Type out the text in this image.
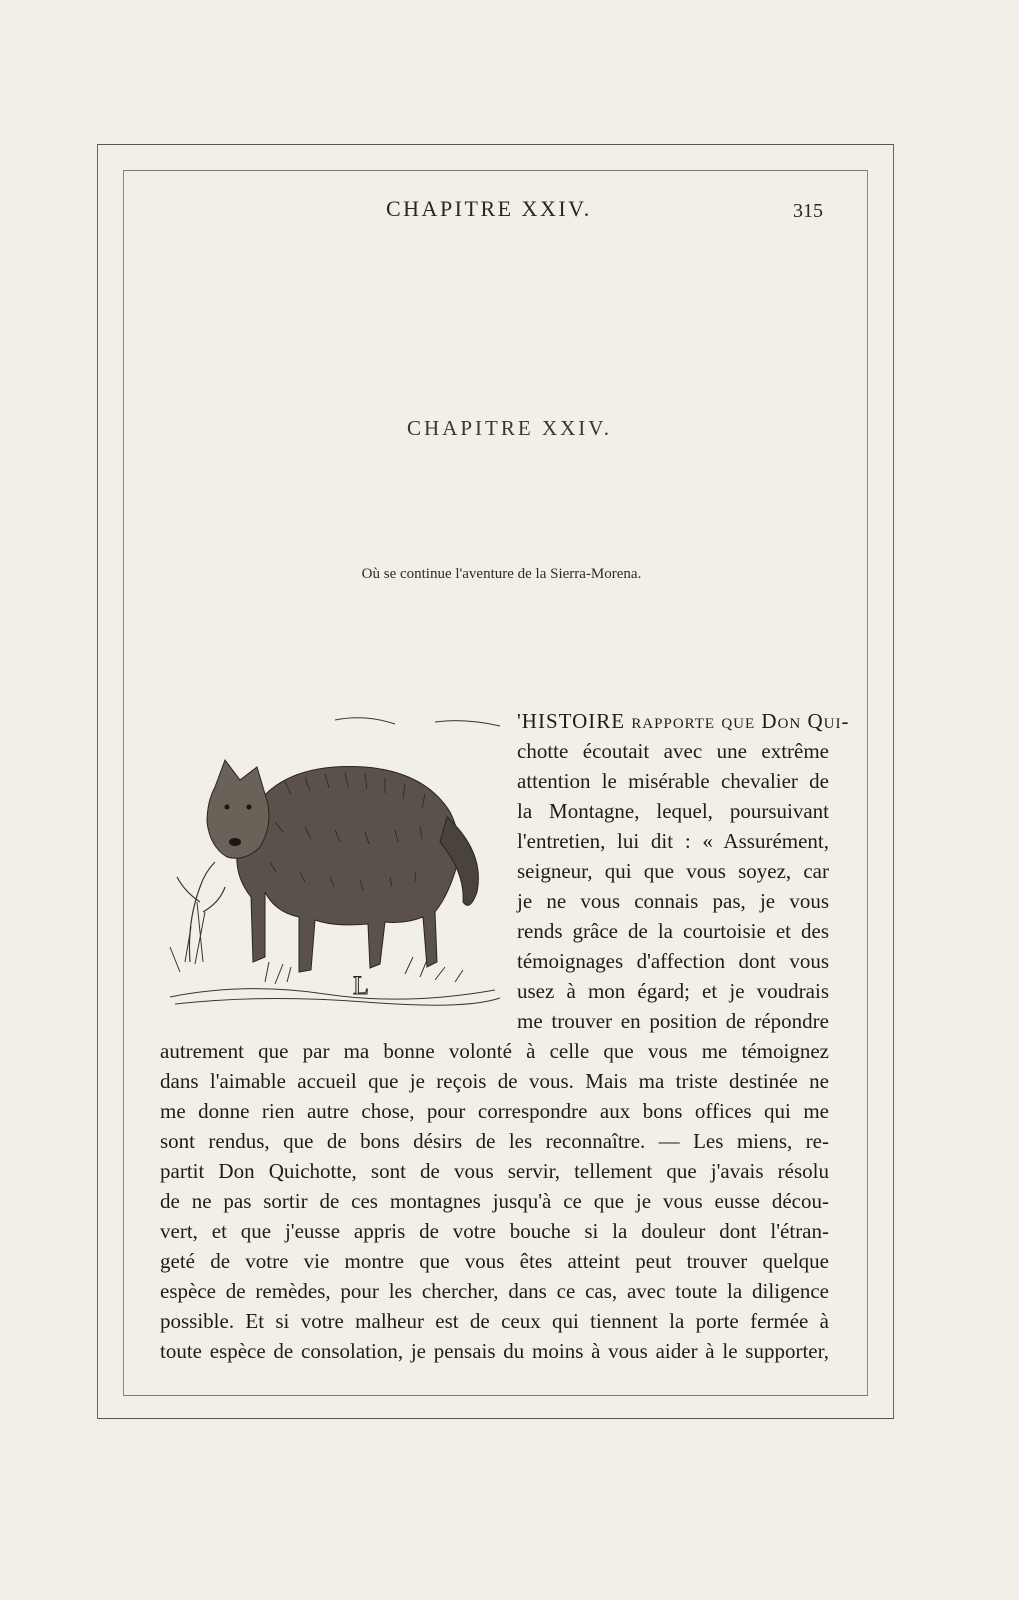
CHAPITRE XXIV.	315
CHAPITRE XXIV.
Où se continue l'aventure de la Sierra-Morena.
L
'HISTOIRE rapporte que Don Qui-
chotte écoutait avec une extrême
attention le misérable chevalier de
la Montagne, lequel, poursuivant
l'entretien, lui dit : « Assurément,
seigneur, qui que vous soyez, car
je ne vous connais pas, je vous
rends grâce de la courtoisie et des
témoignages d'affection dont vous
usez à mon égard; et je voudrais
me trouver en position de répondre
autrement que par ma bonne volonté à celle que vous me témoignez
dans l'aimable accueil que je reçois de vous. Mais ma triste destinée ne
me donne rien autre chose, pour correspondre aux bons offices qui me
sont rendus, que de bons désirs de les reconnaître. — Les miens, re-
partit Don Quichotte, sont de vous servir, tellement que j'avais résolu
de ne pas sortir de ces montagnes jusqu'à ce que je vous eusse décou-
vert, et que j'eusse appris de votre bouche si la douleur dont l'étran-
geté de votre vie montre que vous êtes atteint peut trouver quelque
espèce de remèdes, pour les chercher, dans ce cas, avec toute la diligence
possible. Et si votre malheur est de ceux qui tiennent la porte fermée à
toute espèce de consolation, je pensais du moins à vous aider à le supporter,
